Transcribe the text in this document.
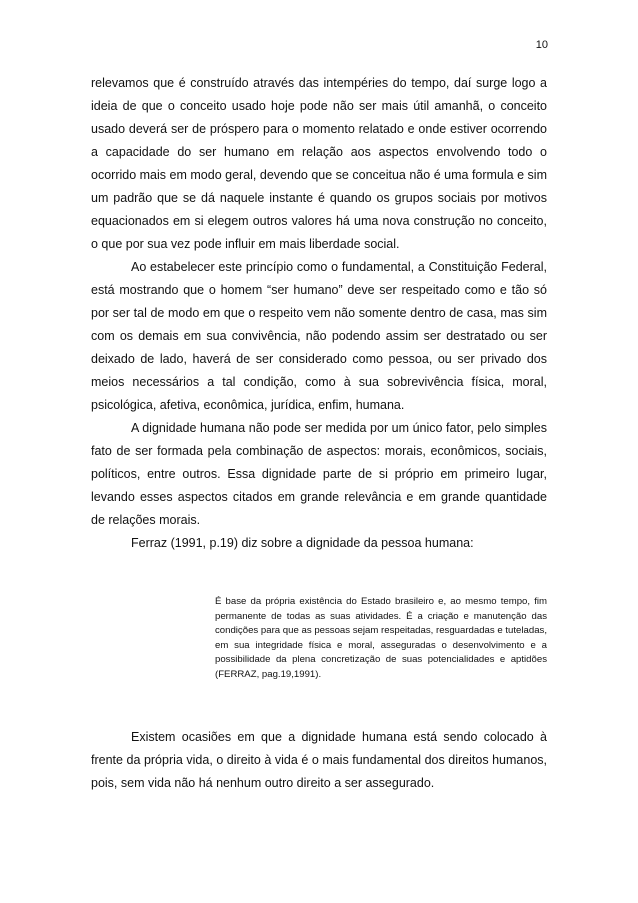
10

relevamos que é construído através das intempéries do tempo, daí surge logo a ideia de que o conceito usado hoje pode não ser mais útil amanhã, o conceito usado deverá ser de próspero para o momento relatado e onde estiver ocorrendo a capacidade do ser humano em relação aos aspectos envolvendo todo o ocorrido mais em modo geral, devendo que se conceitua não é uma formula e sim um padrão que se dá naquele instante é quando os grupos sociais por motivos equacionados em si elegem outros valores há uma nova construção no conceito, o que por sua vez pode influir em mais liberdade social.

Ao estabelecer este princípio como o fundamental, a Constituição Federal, está mostrando que o homem “ser humano” deve ser respeitado como e tão só por ser tal de modo em que o respeito vem não somente dentro de casa, mas sim com os demais em sua convivência, não podendo assim ser destratado ou ser deixado de lado, haverá de ser considerado como pessoa, ou ser privado dos meios necessários a tal condição, como à sua sobrevivência física, moral, psicológica, afetiva, econômica, jurídica, enfim, humana.

A dignidade humana não pode ser medida por um único fator, pelo simples fato de ser formada pela combinação de aspectos: morais, econômicos, sociais, políticos, entre outros. Essa dignidade parte de si próprio em primeiro lugar, levando esses aspectos citados em grande relevância e em grande quantidade de relações morais.

Ferraz (1991, p.19) diz sobre a dignidade da pessoa humana:

É base da própria existência do Estado brasileiro e, ao mesmo tempo, fim permanente de todas as suas atividades. É a criação e manutenção das condições para que as pessoas sejam respeitadas, resguardadas e tuteladas, em sua integridade física e moral, asseguradas o desenvolvimento e a possibilidade da plena concretização de suas potencialidades e aptidões (FERRAZ, pag.19,1991).

Existem ocasiões em que a dignidade humana está sendo colocado à frente da própria vida, o direito à vida é o mais fundamental dos direitos humanos, pois, sem vida não há nenhum outro direito a ser assegurado.
